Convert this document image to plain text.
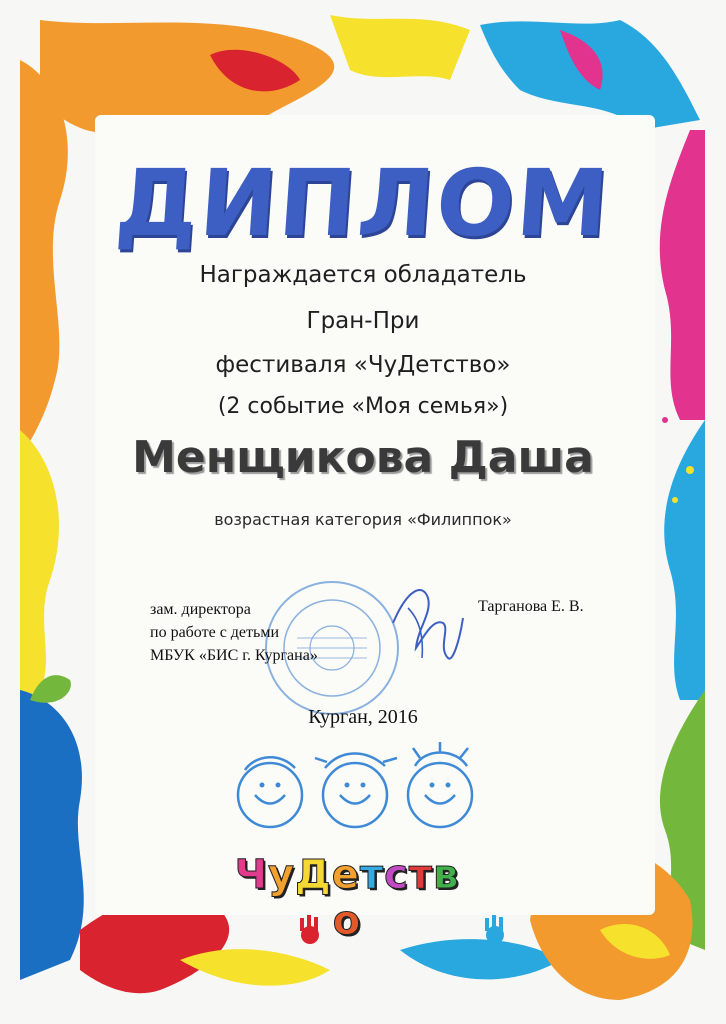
ДИПЛОМ
Награждается обладатель
Гран-При
фестиваля «ЧуДетство»
(2 событие «Моя семья»)
Менщикова Даша
возрастная категория «Филиппок»
зам. директора
по работе с детьми
МБУК «БИС г. Кургана»
Тарганова Е. В.
Курган, 2016
ЧуДетство
